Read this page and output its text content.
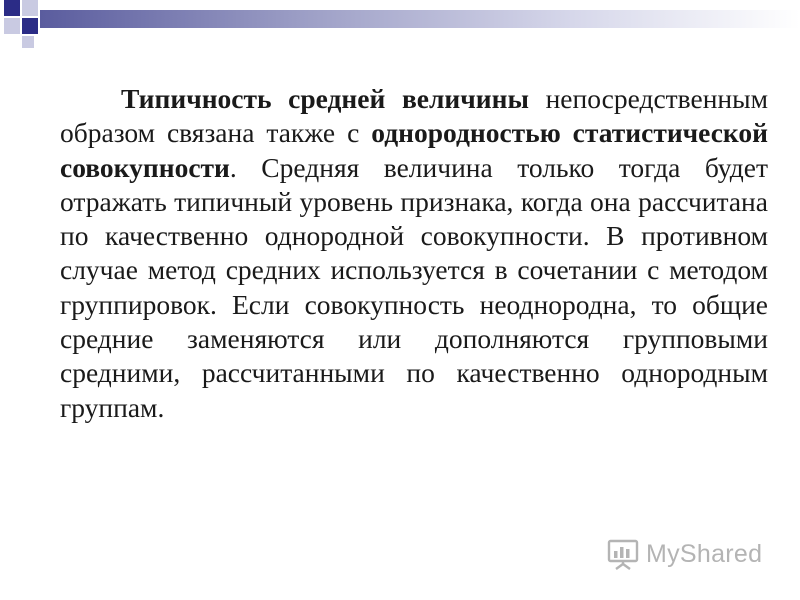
Типичность средней величины непосредственным образом связана также с однородностью статистической совокупности. Средняя величина только тогда будет отражать типичный уровень признака, когда она рассчитана по качественно однородной совокупности. В противном случае метод средних используется в сочетании с методом группировок. Если совокупность неоднородна, то общие средние заменяются или дополняются групповыми средними, рассчитанными по качественно однородным группам.

MyShared
